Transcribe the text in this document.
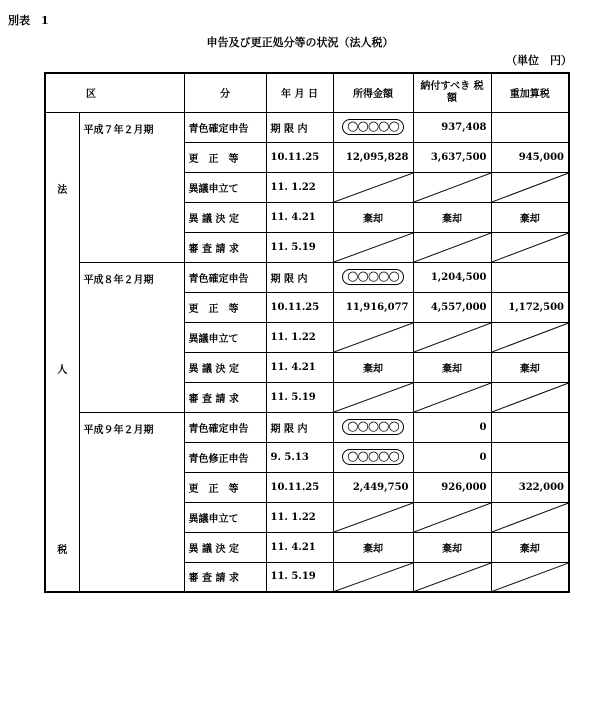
別表　1
申告及び更正処分等の状況（法人税）
（単位　円）
区		分	年 月 日	所得金額	納付すべき 税 額	重加算税

法
人
税	平成７年２月期	青色確定申告	期 限 内	○○○○○	937,408	
		更　正　等	10.11.25	12,095,828	3,637,500	945,000
		異議申立て	11. 1.22	

		異 議 決 定	11. 4.21	棄却	棄却	棄却
		審 査 請 求	11. 5.19	

	平成８年２月期	青色確定申告	期 限 内	○○○○○	1,204,500	
		更　正　等	10.11.25	11,916,077	4,557,000	1,172,500
		異議申立て	11. 1.22	

		異 議 決 定	11. 4.21	棄却	棄却	棄却
		審 査 請 求	11. 5.19	

	平成９年２月期	青色確定申告	期 限 内	○○○○○	0	
		青色修正申告	9. 5.13	○○○○○	0	
		更　正　等	10.11.25	2,449,750	926,000	322,000
		異議申立て	11. 1.22	

		異 議 決 定	11. 4.21	棄却	棄却	棄却
		審 査 請 求	11. 5.19	
